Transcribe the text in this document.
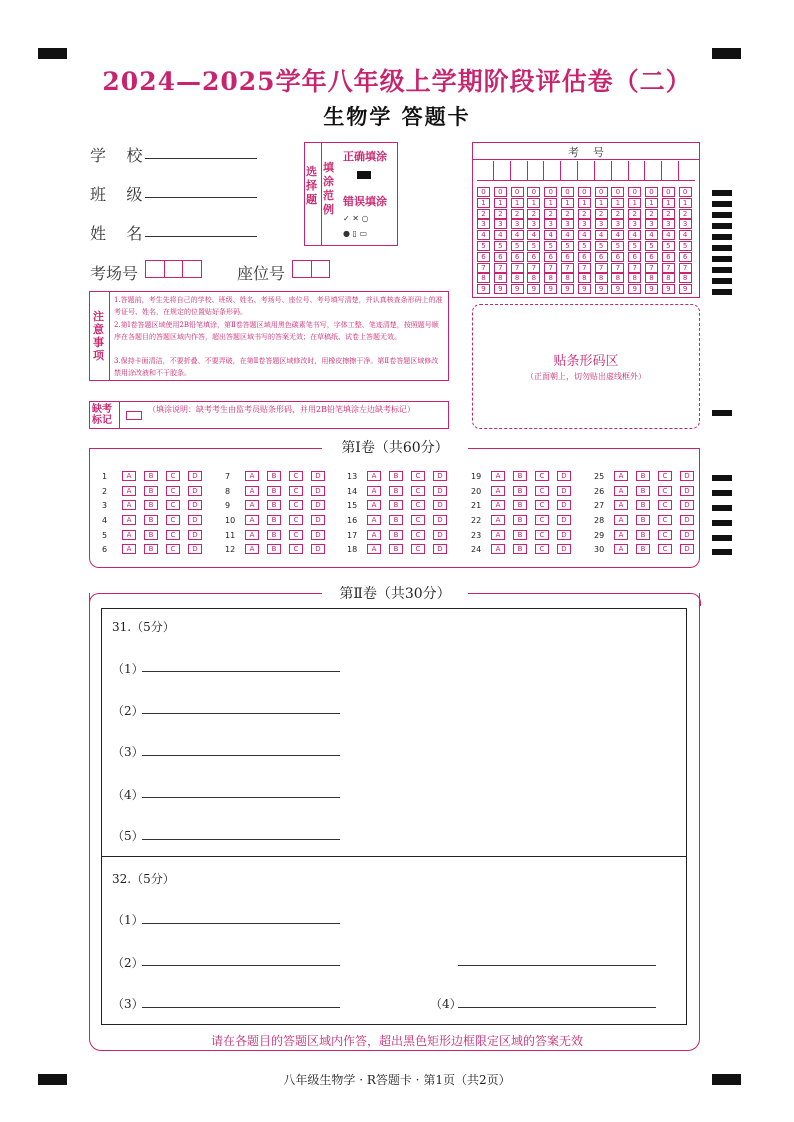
2024—2025学年八年级上学期阶段评估卷（二）
生物学 答题卡
学    校
班    级
姓    名
考场号	座位号
选择题
填涂范例
正确填涂
错误填涂
✓ ✕ ○
● ▯ ▭
考    号
0	0	0	0	0	0	0	0	0	0	0	0	0
1	1	1	1	1	1	1	1	1	1	1	1	1
2	2	2	2	2	2	2	2	2	2	2	2	2
3	3	3	3	3	3	3	3	3	3	3	3	3
4	4	4	4	4	4	4	4	4	4	4	4	4
5	5	5	5	5	5	5	5	5	5	5	5	5
6	6	6	6	6	6	6	6	6	6	6	6	6
7	7	7	7	7	7	7	7	7	7	7	7	7
8	8	8	8	8	8	8	8	8	8	8	8	8
9	9	9	9	9	9	9	9	9	9	9	9	9
注意事项
1.答题前，考生先将自己的学校、班级、姓名、考场号、座位号、考号填写清楚，并认真核查条形码上的准考证号、姓名，在规定的位置贴好条形码。
2.第Ⅰ卷答题区域使用2B铅笔填涂，第Ⅱ卷答题区域用黑色碳素笔书写，字体工整、笔迹清楚，按照题号顺序在各题目的答题区域内作答，超出答题区域书写的答案无效；在草稿纸、试卷上答题无效。
3.保持卡面清洁，不要折叠、不要弄破，在第Ⅱ卷答题区域修改时，用橡皮擦擦干净。第Ⅱ卷答题区域修改禁用涂改液和不干胶条。
贴条形码区
（正面朝上，切勿贴出虚线框外）
缺考标记
（填涂说明：缺考考生由监考员贴条形码，并用2B铅笔填涂左边缺考标记）
第Ⅰ卷（共60分）
1	A B C D
2	A B C D
3	A B C D
4	A B C D
5	A B C D
6	A B C D
7	A B C D
8	A B C D
9	A B C D
10 A B C D
11 A B C D
12 A B C D
13 A B C D
14 A B C D
15 A B C D
16 A B C D
17 A B C D
18 A B C D
19 A B C D
20 A B C D
21 A B C D
22 A B C D
23 A B C D
24 A B C D
25 A B C D
26 A B C D
27 A B C D
28 A B C D
29 A B C D
30 A B C D
第Ⅱ卷（共30分）
31.（5分）
（1）
（2）
（3）
（4）
（5）
32.（5分）
（1）
（2）
（3）	（4）
请在各题目的答题区域内作答，超出黑色矩形边框限定区域的答案无效
八年级生物学 · R答题卡 · 第1页（共2页）
